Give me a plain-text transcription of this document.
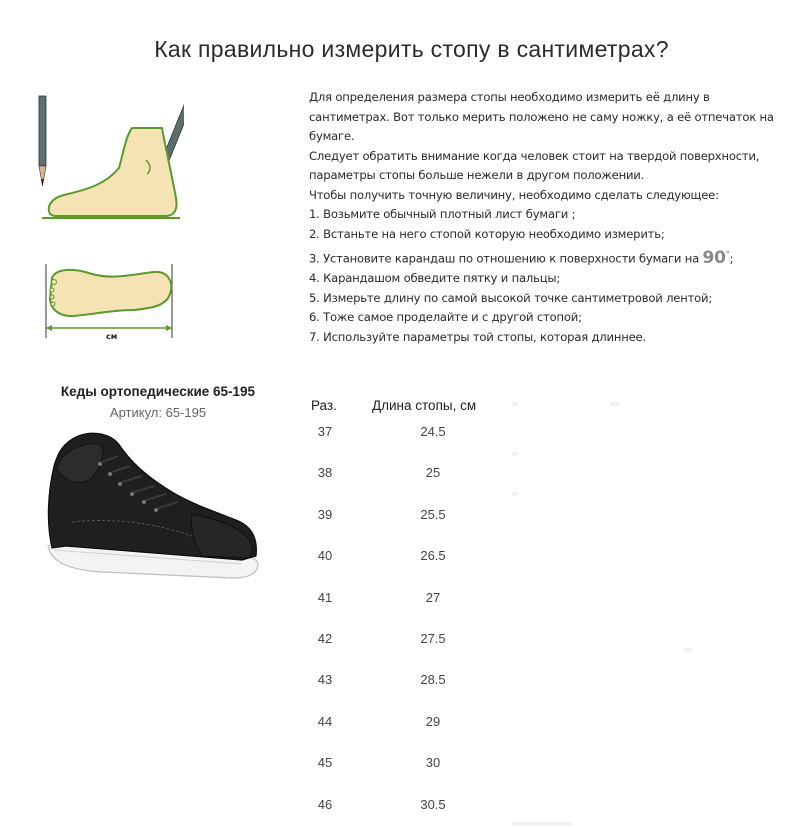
Как правильно измерить стопу в сантиметрах?
см

Для определения размера стопы необходимо измерить её длину в сантиметрах. Вот только мерить положено не саму ножку, а её отпечаток на бумаге.

Следует обратить внимание когда человек стоит на твердой поверхности, параметры стопы больше нежели в другом положении.

Чтобы получить точную величину, необходимо сделать следующее:

1. Возьмите обычный плотный лист бумаги ;

2. Встаньте на него стопой которую необходимо измерить;

3. Установите карандаш по отношению к поверхности бумаги на 90°;

4. Карандашом обведите пятку и пальцы;

5. Измерьте длину по самой высокой точке сантиметровой лентой;

6. Тоже самое проделайте и с другой стопой;

7. Используйте параметры той стопы, которая длиннее.

Кеды ортопедические 65-195
Артикул: 65-195	Раз.	Длина стопы, см
37	24.5
38	25
39	25.5
40	26.5
41	27
42	27.5
43	28.5
44	29
45	30
46	30.5
